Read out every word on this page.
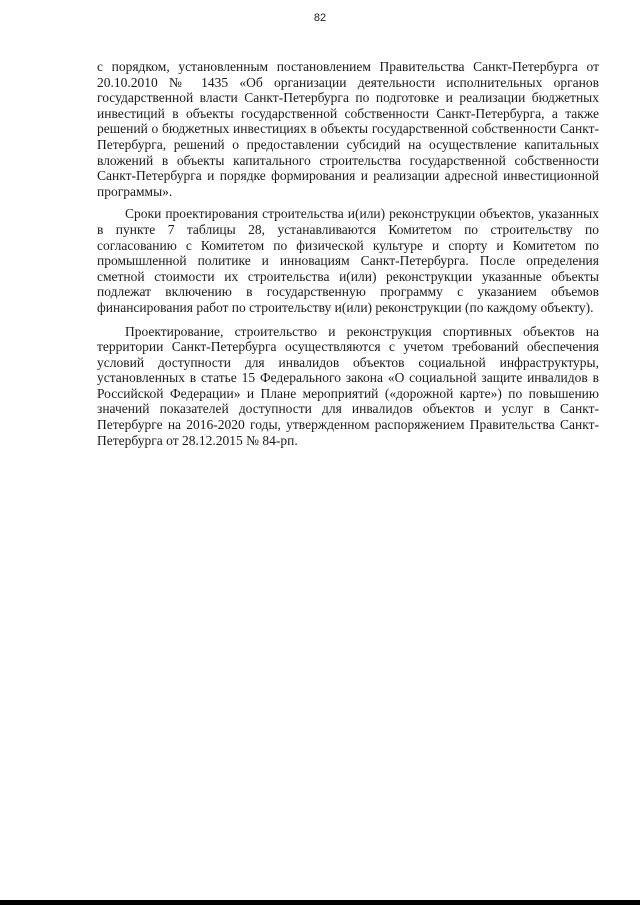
82

с порядком, установленным постановлением Правительства Санкт-Петербурга от 20.10.2010 № 1435 «Об организации деятельности исполнительных органов государственной власти Санкт-Петербурга по подготовке и реализации бюджетных инвестиций в объекты государственной собственности Санкт-Петербурга, а также решений о бюджетных инвестициях в объекты государственной собственности Санкт-Петербурга, решений о предоставлении субсидий на осуществление капитальных вложений в объекты капитального строительства государственной собственности Санкт-Петербурга и порядке формирования и реализации адресной инвестиционной программы».

Сроки проектирования строительства и(или) реконструкции объектов, указанных в пункте 7 таблицы 28, устанавливаются Комитетом по строительству по согласованию с Комитетом по физической культуре и спорту и Комитетом по промышленной политике и инновациям Санкт-Петербурга. После определения сметной стоимости их строительства и(или) реконструкции указанные объекты подлежат включению в государственную программу с указанием объемов финансирования работ по строительству и(или) реконструкции (по каждому объекту).

Проектирование, строительство и реконструкция спортивных объектов на территории Санкт-Петербурга осуществляются с учетом требований обеспечения условий доступности для инвалидов объектов социальной инфраструктуры, установленных в статье 15 Федерального закона «О социальной защите инвалидов в Российской Федерации» и Плане мероприятий («дорожной карте») по повышению значений показателей доступности для инвалидов объектов и услуг в Санкт-Петербурге на 2016-2020 годы, утвержденном распоряжением Правительства Санкт-Петербурга от 28.12.2015 № 84-рп.
